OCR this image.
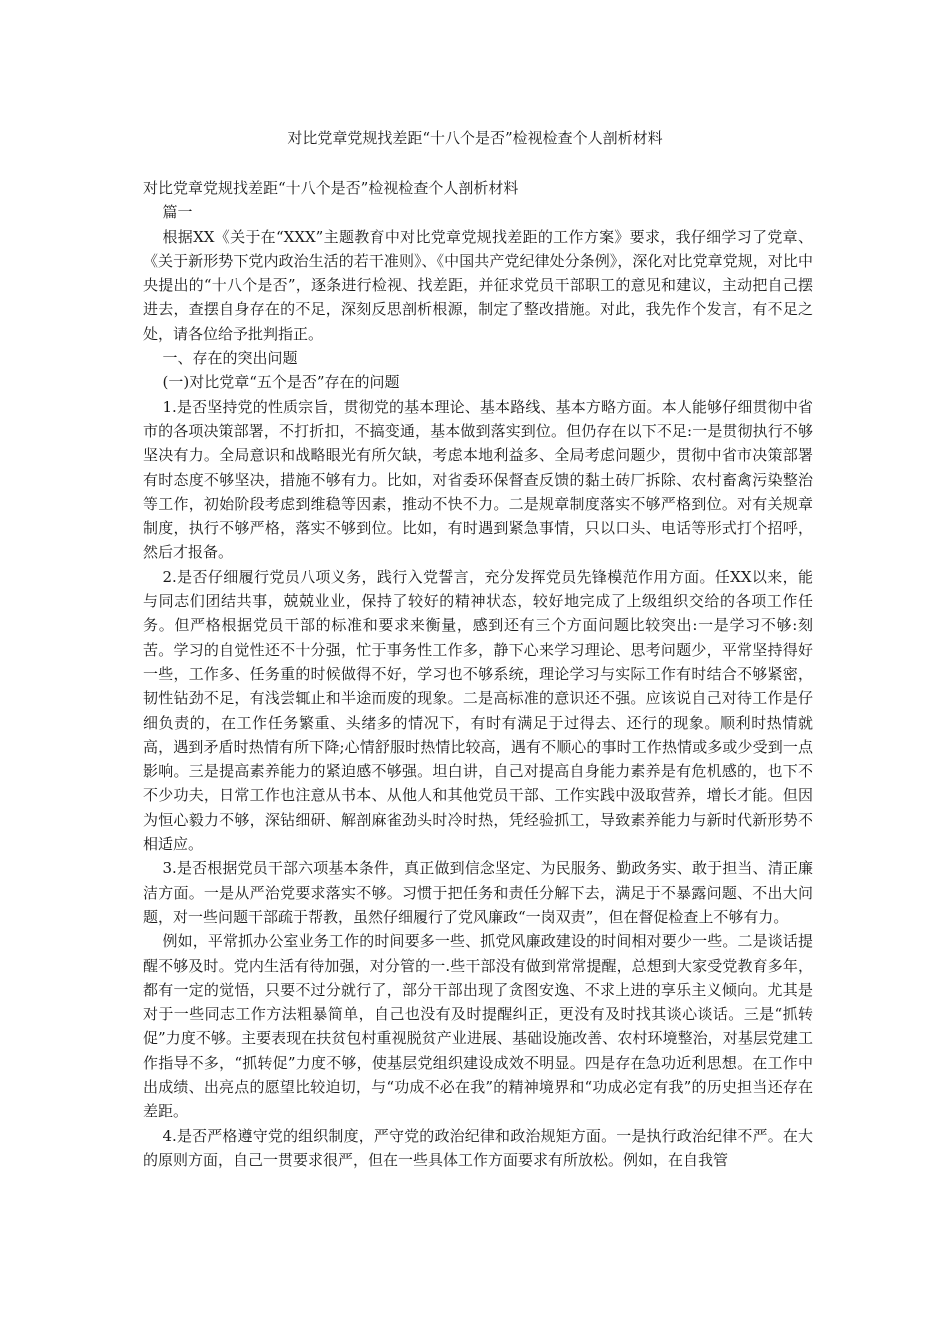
对比党章党规找差距“十八个是否”检视检查个人剖析材料

对比党章党规找差距“十八个是否”检视检查个人剖析材料

篇一

根据XX《关于在“XXX”主题教育中对比党章党规找差距的工作方案》要求，我仔细学习了党章、《关于新形势下党内政治生活的若干准则》、《中国共产党纪律处分条例》，深化对比党章党规，对比中央提出的“十八个是否”，逐条进行检视、找差距，并征求党员干部职工的意见和建议，主动把自己摆进去，查摆自身存在的不足，深刻反思剖析根源，制定了整改措施。对此，我先作个发言，有不足之处，请各位给予批判指正。

一、存在的突出问题

(一)对比党章“五个是否”存在的问题

1.是否坚持党的性质宗旨，贯彻党的基本理论、基本路线、基本方略方面。本人能够仔细贯彻中省市的各项决策部署，不打折扣，不搞变通，基本做到落实到位。但仍存在以下不足:一是贯彻执行不够坚决有力。全局意识和战略眼光有所欠缺，考虑本地利益多、全局考虑问题少，贯彻中省市决策部署有时态度不够坚决，措施不够有力。比如，对省委环保督查反馈的黏土砖厂拆除、农村畜禽污染整治等工作，初始阶段考虑到维稳等因素，推动不快不力。二是规章制度落实不够严格到位。对有关规章制度，执行不够严格，落实不够到位。比如，有时遇到紧急事情，只以口头、电话等形式打个招呼，然后才报备。

2.是否仔细履行党员八项义务，践行入党誓言，充分发挥党员先锋模范作用方面。任XX以来，能与同志们团结共事，兢兢业业，保持了较好的精神状态，较好地完成了上级组织交给的各项工作任务。但严格根据党员干部的标准和要求来衡量，感到还有三个方面问题比较突出:一是学习不够:刻苦。学习的自觉性还不十分强，忙于事务性工作多，静下心来学习理论、思考问题少，平常坚持得好一些，工作多、任务重的时候做得不好，学习也不够系统，理论学习与实际工作有时结合不够紧密，韧性钻劲不足，有浅尝辄止和半途而废的现象。二是高标准的意识还不强。应该说自己对待工作是仔细负责的，在工作任务繁重、头绪多的情况下，有时有满足于过得去、还行的现象。顺利时热情就高，遇到矛盾时热情有所下降;心情舒服时热情比较高，遇有不顺心的事时工作热情或多或少受到一点影响。三是提高素养能力的紧迫感不够强。坦白讲，自己对提高自身能力素养是有危机感的，也下不不少功夫，日常工作也注意从书本、从他人和其他党员干部、工作实践中汲取营养，增长才能。但因为恒心毅力不够，深钻细研、解剖麻雀劲头时冷时热，凭经验抓工，导致素养能力与新时代新形势不相适应。

3.是否根据党员干部六项基本条件，真正做到信念坚定、为民服务、勤政务实、敢于担当、清正廉洁方面。一是从严治党要求落实不够。习惯于把任务和责任分解下去，满足于不暴露问题、不出大问题，对一些问题干部疏于帮教，虽然仔细履行了党风廉政“一岗双责”，但在督促检查上不够有力。

例如，平常抓办公室业务工作的时间要多一些、抓党风廉政建设的时间相对要少一些。二是谈话提醒不够及时。党内生活有待加强，对分管的一.些干部没有做到常常提醒，总想到大家受党教育多年，都有一定的觉悟，只要不过分就行了，部分干部出现了贪图安逸、不求上进的享乐主义倾向。尤其是对于一些同志工作方法粗暴简单，自己也没有及时提醒纠正，更没有及时找其谈心谈话。三是“抓转促”力度不够。主要表现在扶贫包村重视脱贫产业进展、基础设施改善、农村环境整治，对基层党建工作指导不多，“抓转促”力度不够，使基层党组织建设成效不明显。四是存在急功近利思想。在工作中出成绩、出亮点的愿望比较迫切，与“功成不必在我”的精神境界和“功成必定有我”的历史担当还存在差距。

4.是否严格遵守党的组织制度，严守党的政治纪律和政治规矩方面。一是执行政治纪律不严。在大的原则方面，自己一贯要求很严，但在一些具体工作方面要求有所放松。例如，在自我管
